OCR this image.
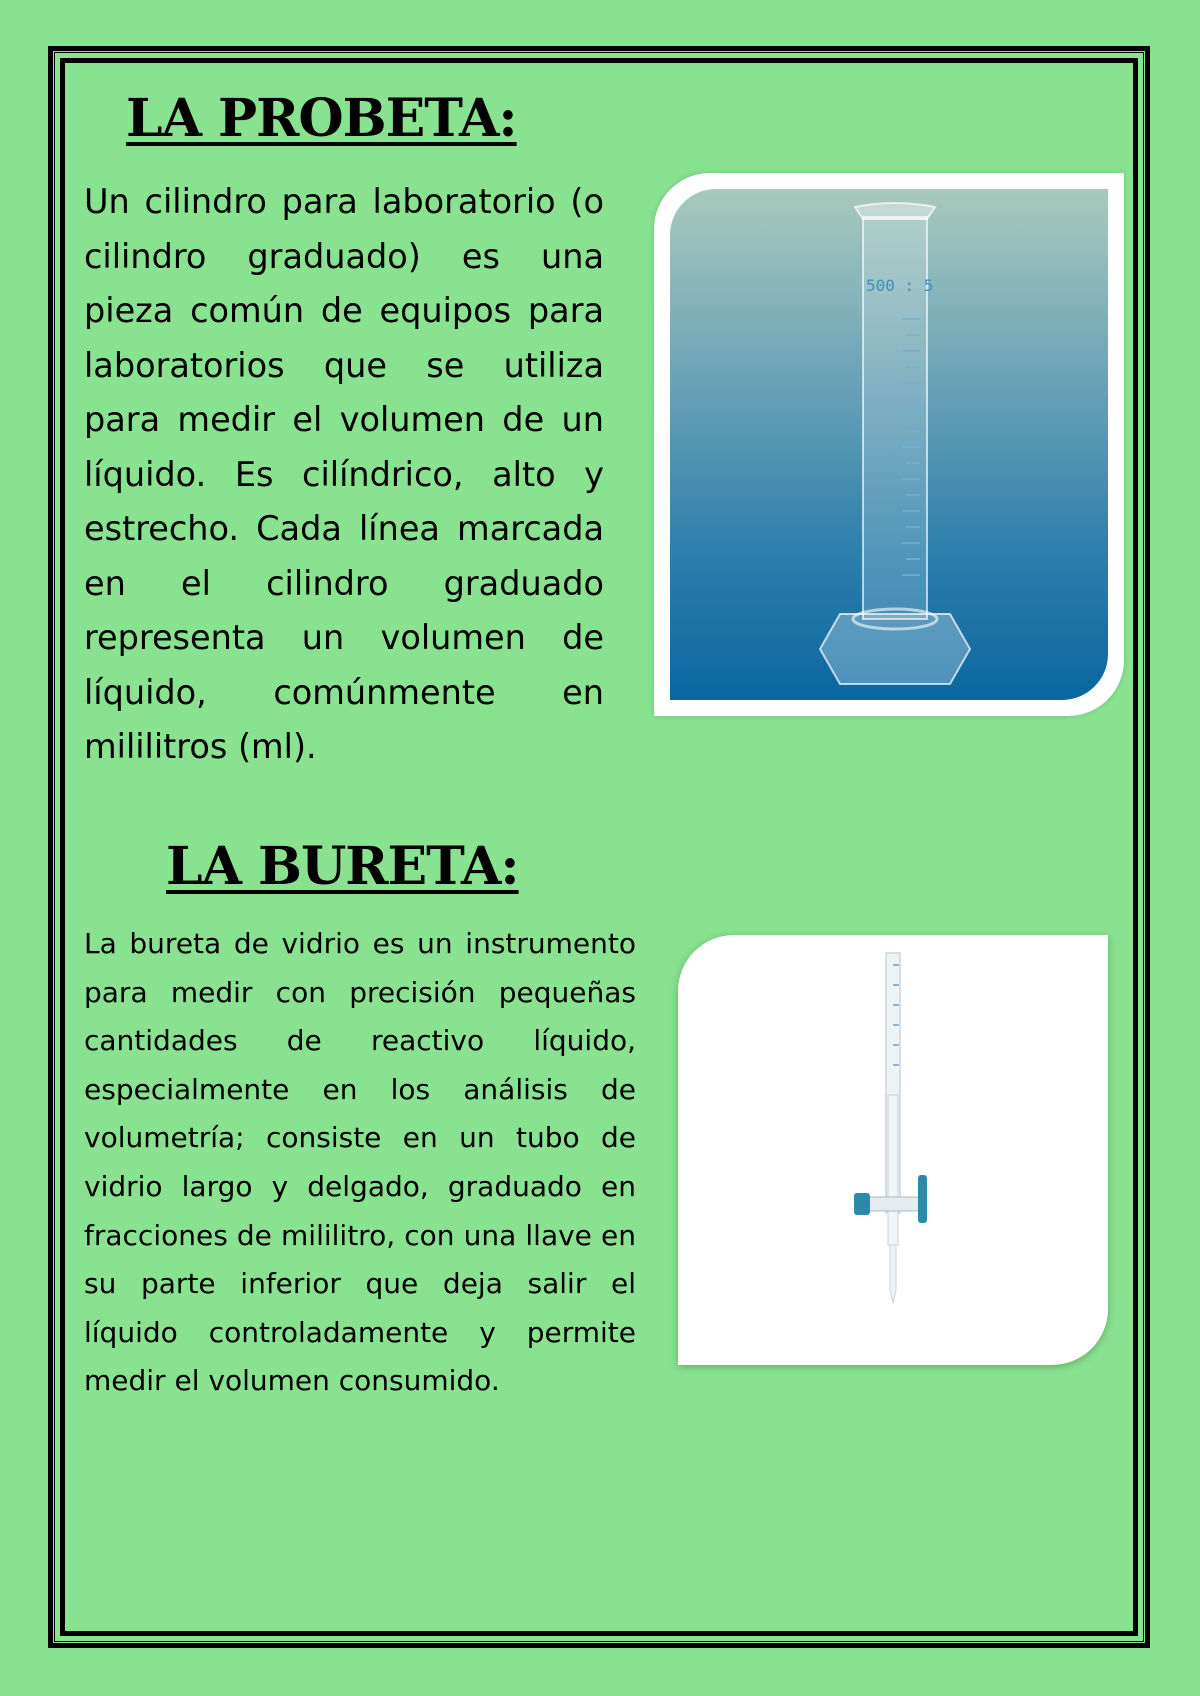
LA PROBETA:
Un cilindro para laboratorio (o cilindro graduado) es una pieza común de equipos para laboratorios que se utiliza para medir el volumen de un líquido. Es cilíndrico, alto y estrecho. Cada línea marcada en el cilindro graduado representa un volumen de líquido, comúnmente en mililitros (ml).
500 : 5
LA BURETA:
La bureta de vidrio es un instrumento para medir con precisión pequeñas cantidades de reactivo líquido, especialmente en los análisis de volumetría; consiste en un tubo de vidrio largo y delgado, graduado en fracciones de mililitro, con una llave en su parte inferior que deja salir el líquido controladamente y permite medir el volumen consumido.
